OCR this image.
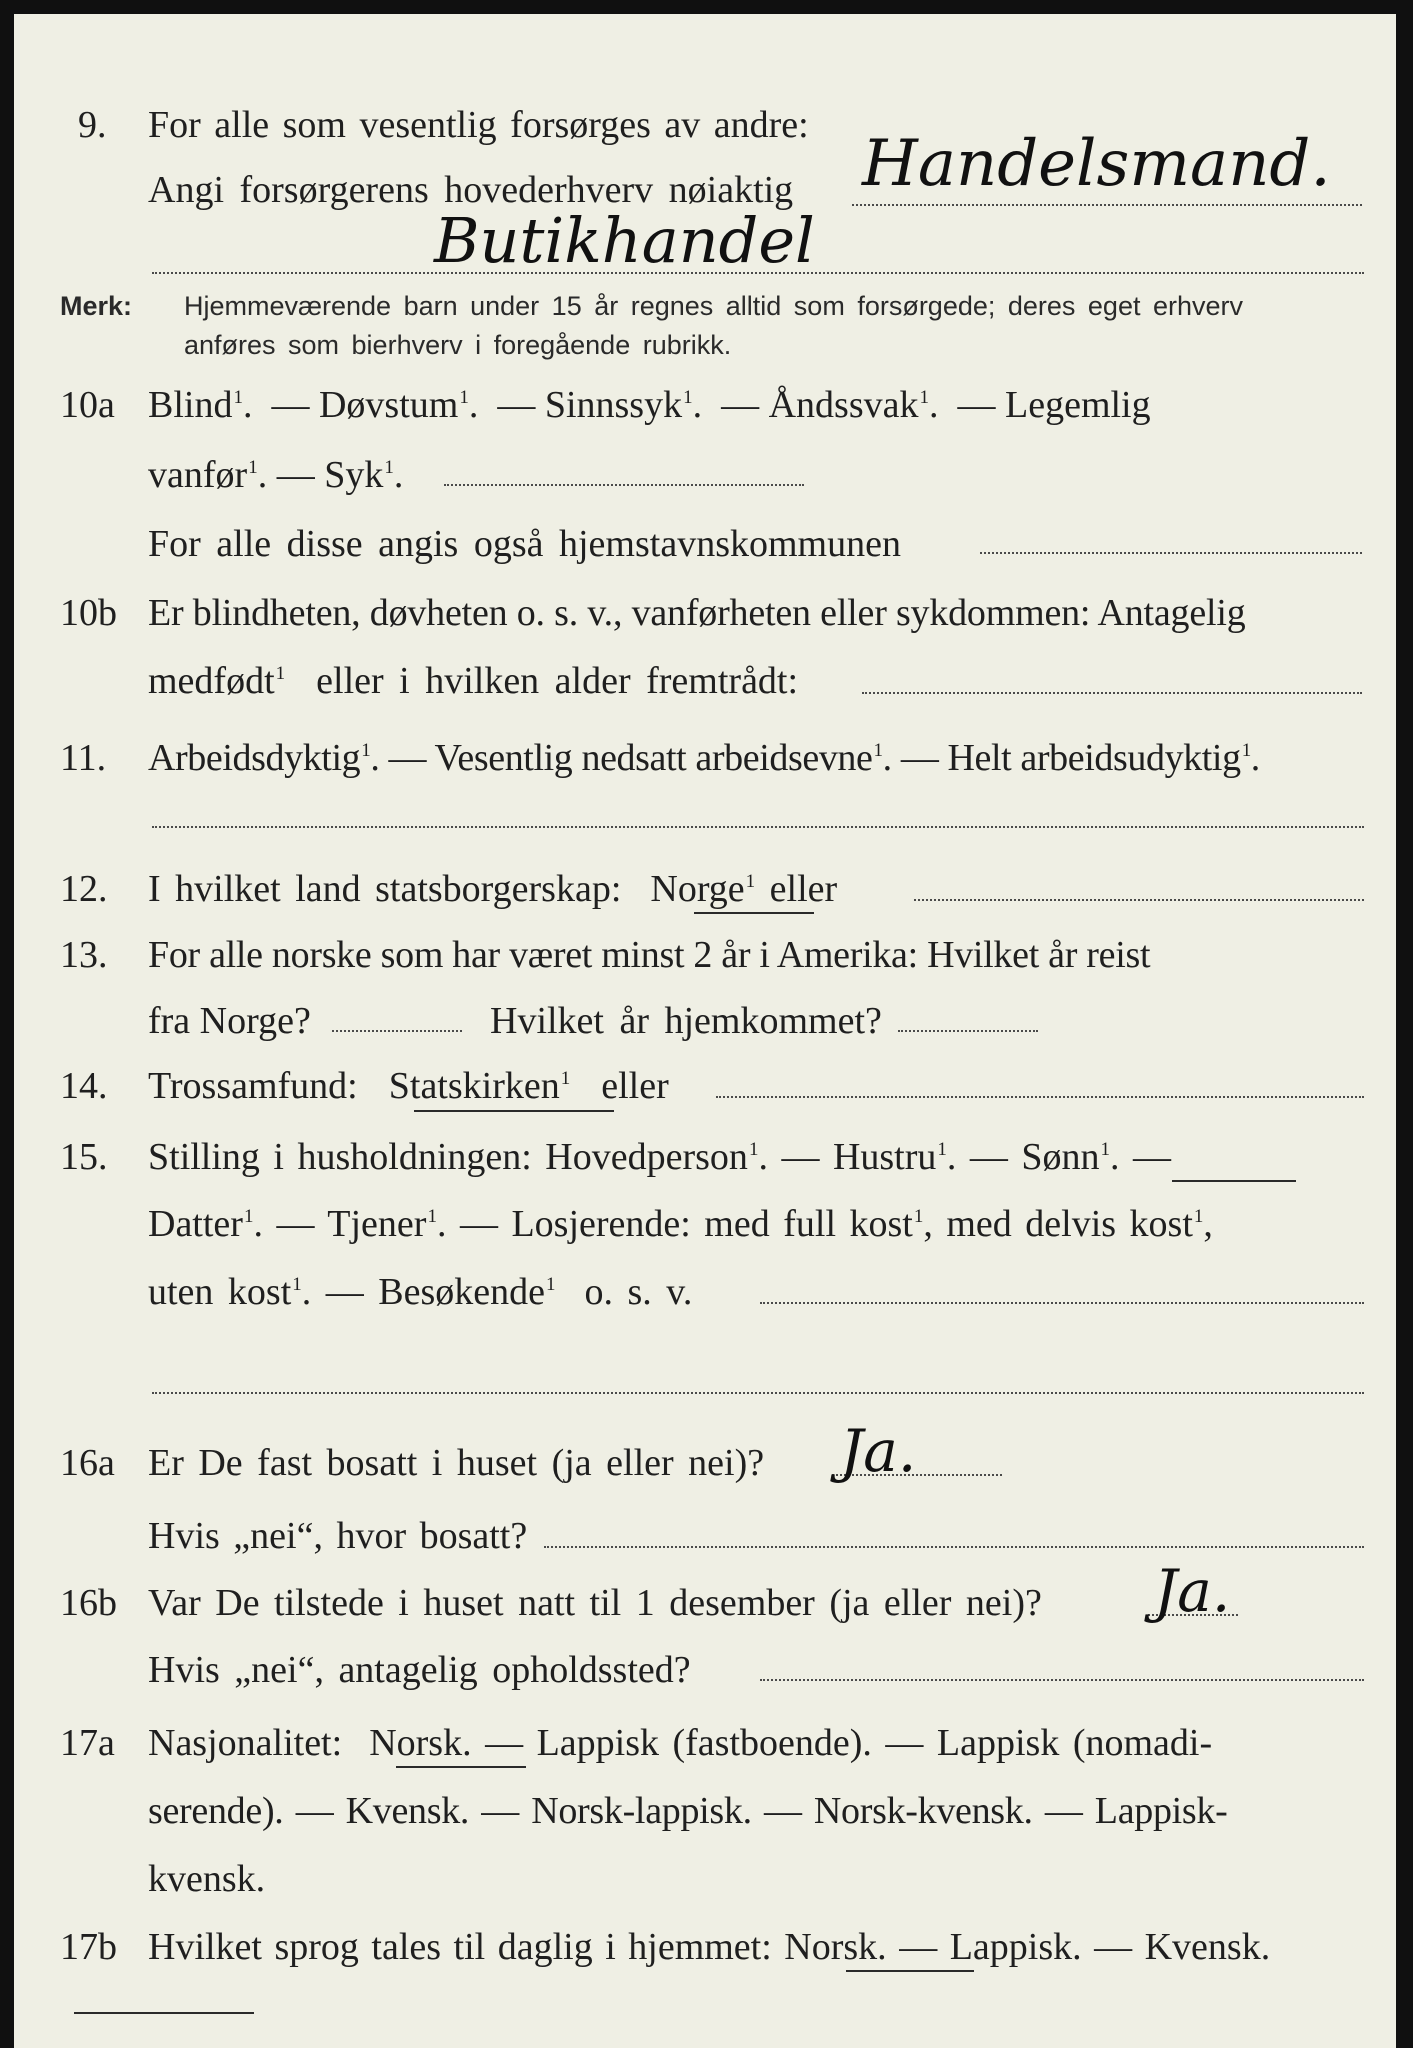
9. For alle som vesentlig forsørges av andre:
Angi forsørgerens hovederhverv nøiaktig Handelsmand.
Butikhandel
Merk: Hjemmeværende barn under 15 år regnes alltid som forsørgede; deres eget erhverv
anføres som bierhverv i foregående rubrikk.
10a Blind$^1$.  — Døvstum$^1$.  — Sinnssyk$^1$.  — Åndssvak$^1$.  — Legemlig
vanfør$^1$. — Syk$^1$.
For alle disse angis også hjemstavnskommunen
10b Er blindheten, døvheten o. s. v., vanførheten eller sykdommen: Antagelig
medfødt$^1$ eller i hvilken alder fremtrådt:
11. Arbeidsdyktig$^1$. — Vesentlig nedsatt arbeidsevne$^1$. — Helt arbeidsudyktig$^1$.
12. I hvilket land statsborgerskap: Norge$^1$ eller
13. For alle norske som har været minst 2 år i Amerika: Hvilket år reist
fra Norge?	Hvilket år hjemkommet?
14. Trossamfund: Statskirken$^1$ eller
15. Stilling i husholdningen: Hovedperson$^1$. — Hustru$^1$. — Sønn$^1$. —
Datter$^1$. — Tjener$^1$. — Losjerende: med full kost$^1$, med delvis kost$^1$,
uten kost$^1$. — Besøkende$^1$ o. s. v.
16a Er De fast bosatt i huset (ja eller nei)? Ja.
Hvis „nei“, hvor bosatt?
16b Var De tilstede i huset natt til 1 desember (ja eller nei)? Ja.
Hvis „nei“, antagelig opholdssted?
17a Nasjonalitet: Norsk. — Lappisk (fastboende). — Lappisk (nomadi-
serende). — Kvensk. — Norsk-lappisk. — Norsk-kvensk. — Lappisk-
kvensk.
17b Hvilket sprog tales til daglig i hjemmet: Norsk. — Lappisk. — Kvensk.
